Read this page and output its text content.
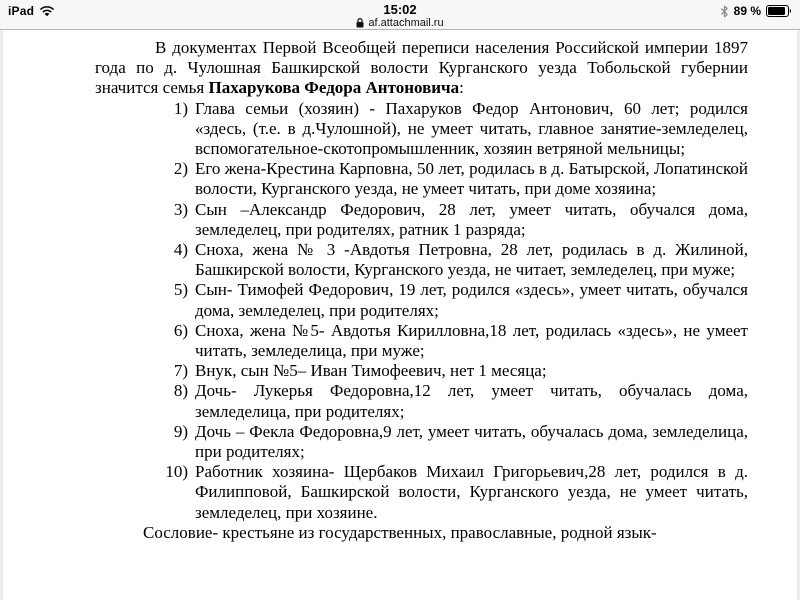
iPad	15:02
af.attachmail.ru
89 %

В документах Первой Всеобщей переписи населения Российской империи 1897 года по д. Чулошная Башкирской волости Курганского уезда Тобольской губернии значится семья Пахарукова Федора Антоновича:

1) Глава семьи (хозяин) - Пахаруков Федор Антонович, 60 лет; родился «здесь, (т.е. в д.Чулошной), не умеет читать, главное занятие-земледелец, вспомогательное-скотопромышленник, хозяин ветряной мельницы;

2) Его жена-Крестина Карповна, 50 лет, родилась в д. Батырской, Лопатинской волости, Курганского уезда, не умеет читать, при доме хозяина;

3) Сын –Александр Федорович, 28 лет, умеет читать, обучался дома, земледелец, при родителях, ратник 1 разряда;

4) Сноха, жена № 3 -Авдотья Петровна, 28 лет, родилась в д. Жилиной, Башкирской волости, Курганского уезда, не читает, земледелец, при муже;

5) Сын- Тимофей Федорович, 19 лет, родился «здесь», умеет читать, обучался дома, земледелец, при родителях;

6) Сноха, жена №5- Авдотья Кирилловна,18 лет, родилась «здесь», не умеет читать, земледелица, при муже;

7) Внук, сын №5– Иван Тимофеевич, нет 1 месяца;

8) Дочь- Лукерья Федоровна,12 лет, умеет читать, обучалась дома, земледелица, при родителях;

9) Дочь – Фекла Федоровна,9 лет, умеет читать, обучалась дома, земледелица, при родителях;

10) Работник хозяина- Щербаков Михаил Григорьевич,28 лет, родился в д. Филипповой, Башкирской волости, Курганского уезда, не умеет читать, земледелец, при хозяине.

Сословие- крестьяне из государственных, православные, родной язык-
